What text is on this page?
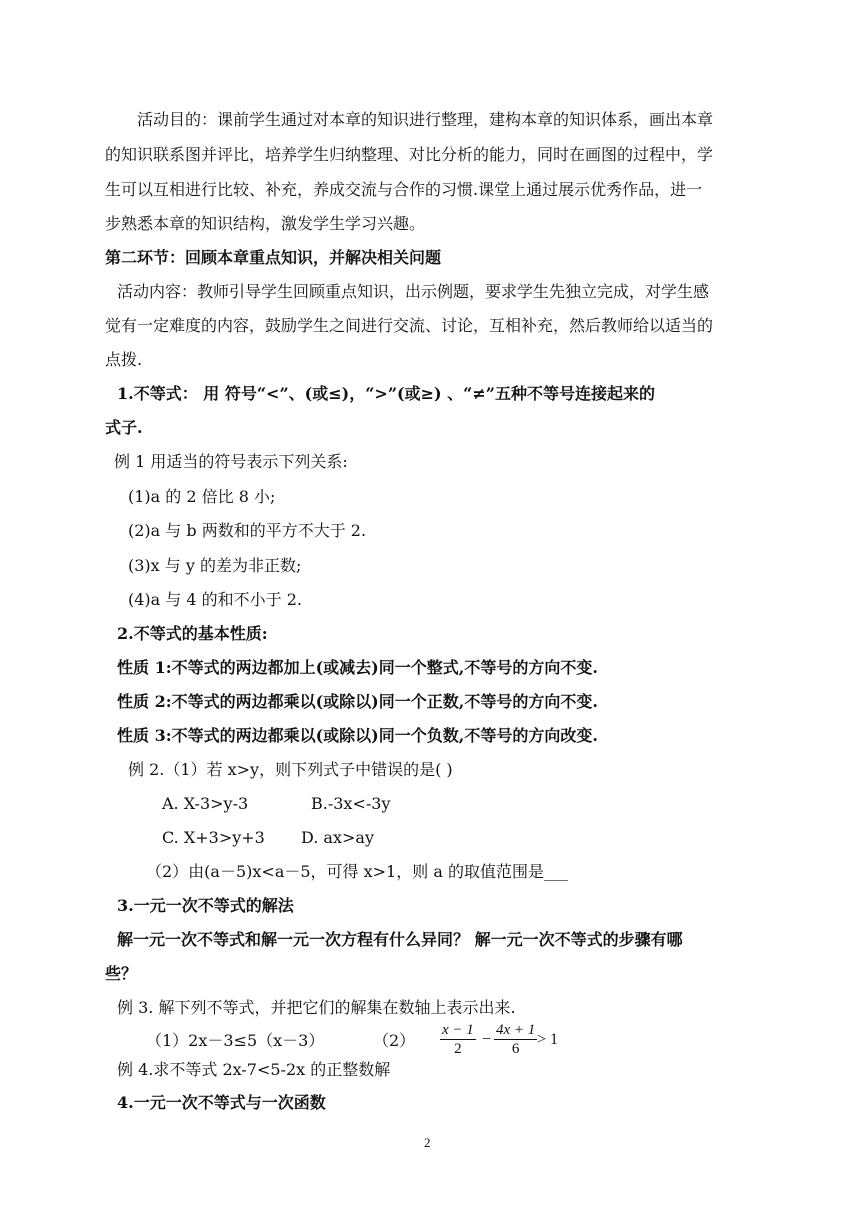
活动目的：课前学生通过对本章的知识进行整理，建构本章的知识体系，画出本章
的知识联系图并评比，培养学生归纳整理、对比分析的能力，同时在画图的过程中，学
生可以互相进行比较、补充，养成交流与合作的习惯.课堂上通过展示优秀作品，进一
步熟悉本章的知识结构，激发学生学习兴趣。
第二环节：回顾本章重点知识，并解决相关问题
活动内容：教师引导学生回顾重点知识，出示例题，要求学生先独立完成，对学生感
觉有一定难度的内容，鼓励学生之间进行交流、讨论，互相补充，然后教师给以适当的
点拨.
1.不等式： 用 符号“<”、(或≤)，“>”(或≥) 、“≠”五种不等号连接起来的
式子.
例 1 用适当的符号表示下列关系:
(1)a 的 2 倍比 8 小;
(2)a 与 b 两数和的平方不大于 2.
(3)x 与 y 的差为非正数;
(4)a 与 4 的和不小于 2.
2.不等式的基本性质:
性质 1:不等式的两边都加上(或减去)同一个整式,不等号的方向不变.
性质 2:不等式的两边都乘以(或除以)同一个正数,不等号的方向不变.
性质 3:不等式的两边都乘以(或除以)同一个负数,不等号的方向改变.
例 2.（1）若 x>y，则下列式子中错误的是( )
A. X-3>y-3	B.-3x<-3y
C. X+3>y+3 D. ax>ay
（2）由(a－5)x<a－5，可得 x>1，则 a 的取值范围是___
3.一元一次不等式的解法
解一元一次不等式和解一元一次方程有什么异同？ 解一元一次不等式的步骤有哪
些？
例 3. 解下列不等式，并把它们的解集在数轴上表示出来.
（1）2x－3≤5（x－3）	$(2) \frac{x - 1}{2} - \frac{4x + 1}{6} > 1$
例 4.求不等式 2x-7<5-2x 的正整数解
4.一元一次不等式与一次函数
2
